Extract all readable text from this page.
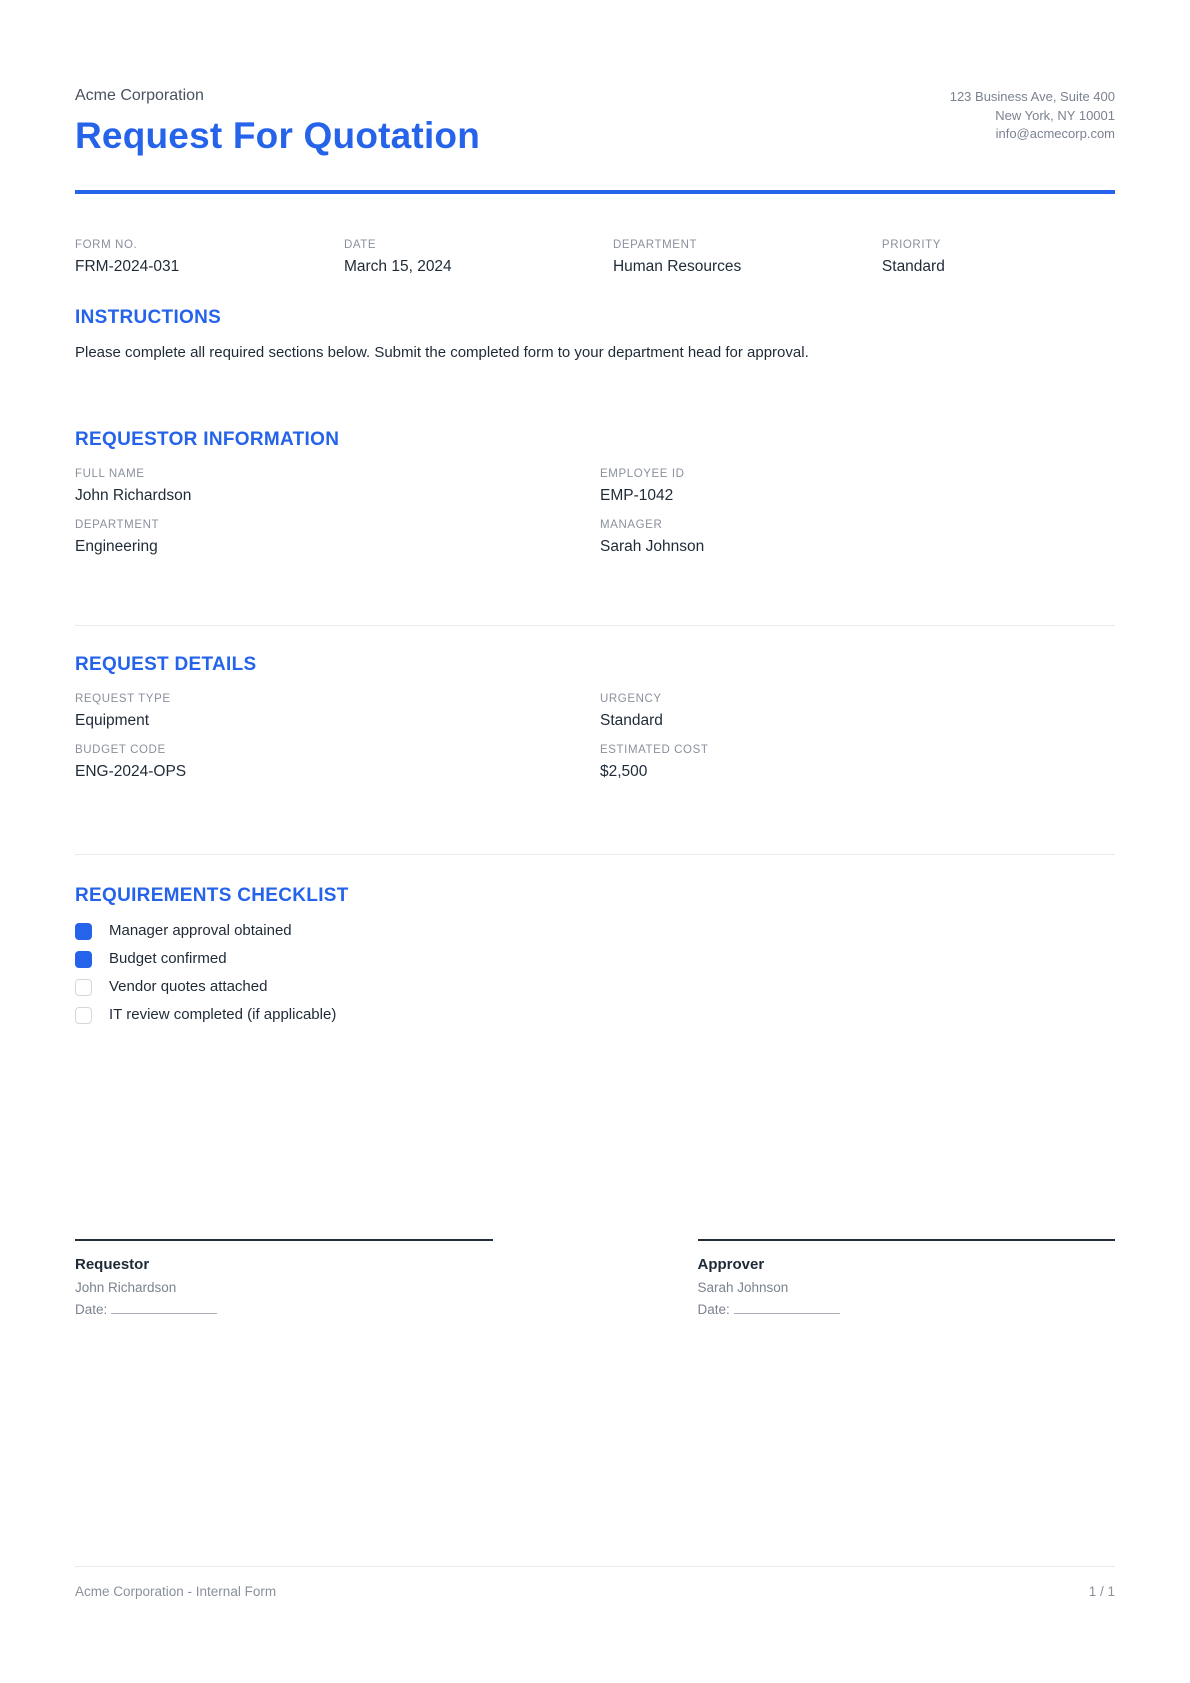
Acme Corporation
Request For Quotation
123 Business Ave, Suite 400
New York, NY 10001
info@acmecorp.com
FORM NO.
FRM-2024-031
DATE
March 15, 2024
DEPARTMENT
Human Resources
PRIORITY
Standard
INSTRUCTIONS
Please complete all required sections below. Submit the completed form to your department head for approval.
REQUESTOR INFORMATION
FULL NAME
John Richardson
EMPLOYEE ID
EMP-1042
DEPARTMENT
Engineering
MANAGER
Sarah Johnson
REQUEST DETAILS
REQUEST TYPE
Equipment
URGENCY
Standard
BUDGET CODE
ENG-2024-OPS
ESTIMATED COST
$2,500
REQUIREMENTS CHECKLIST
Manager approval obtained
Budget confirmed
Vendor quotes attached
IT review completed (if applicable)
Requestor
John Richardson
Date:
Approver
Sarah Johnson
Date:
Acme Corporation - Internal Form	1 / 1
